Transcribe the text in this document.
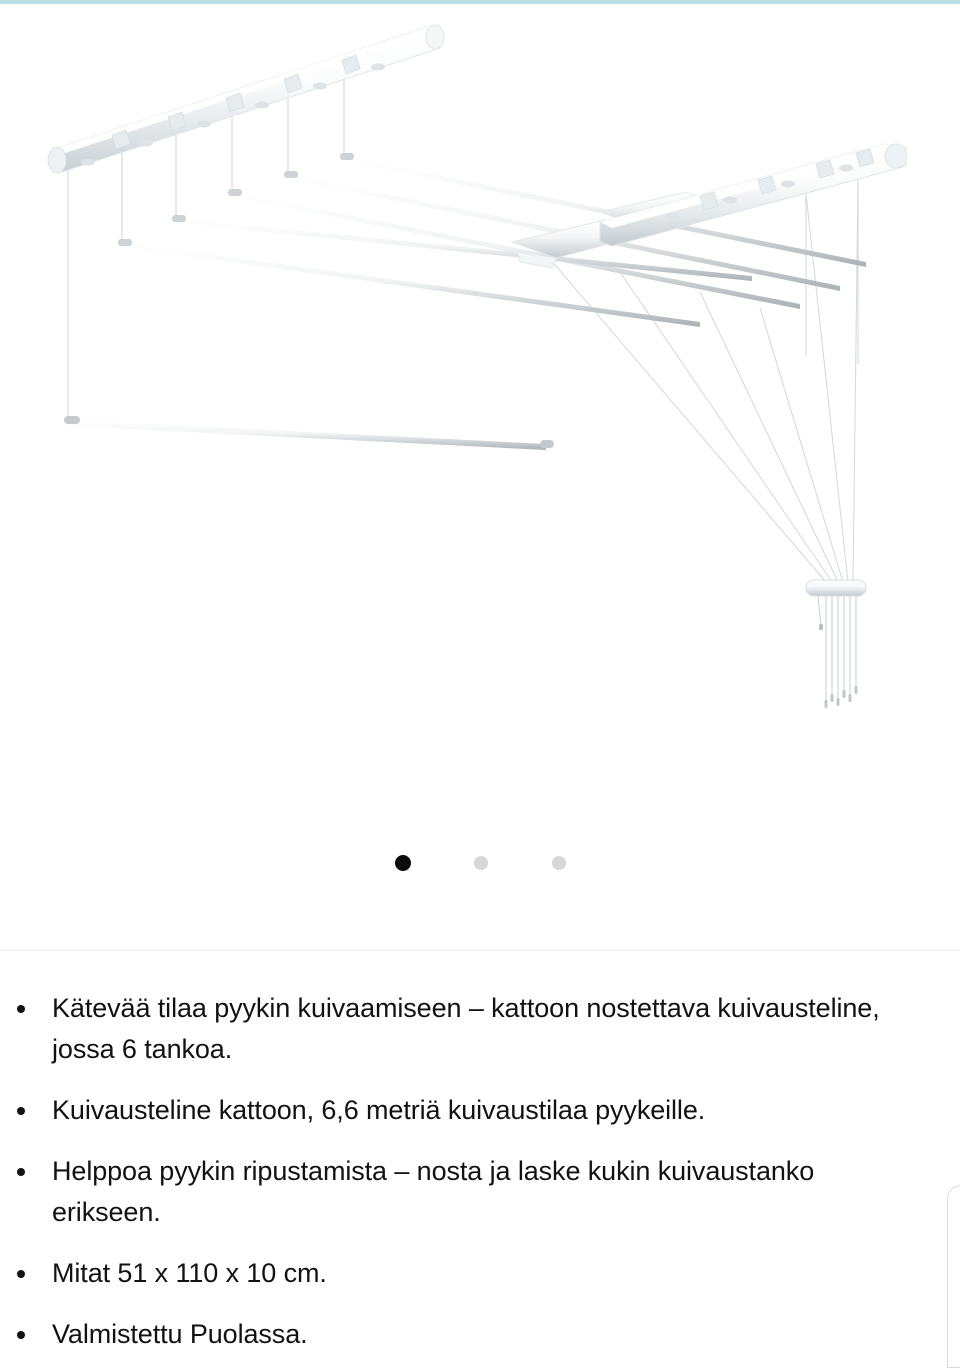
Kätevää tilaa pyykin kuivaamiseen – kattoon nostettava kuivausteline, jossa 6 tankoa.
Kuivausteline kattoon, 6,6 metriä kuivaustilaa pyykeille.
Helppoa pyykin ripustamista – nosta ja laske kukin kuivaustanko erikseen.
Mitat 51 x 110 x 10 cm.
Valmistettu Puolassa.
